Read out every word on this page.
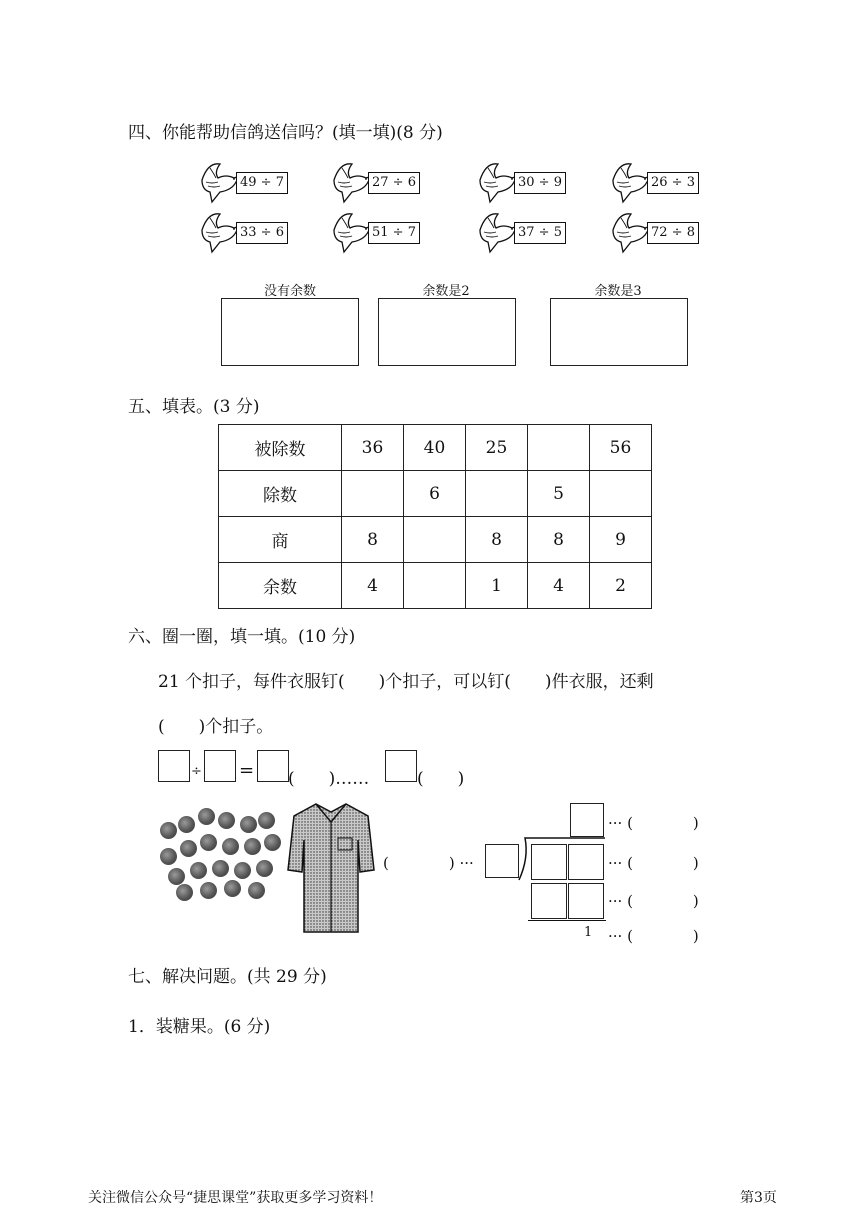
四、你能帮助信鸽送信吗？(填一填)(8 分)
49 ÷ 7	27 ÷ 6	30 ÷ 9	26 ÷ 3
33 ÷ 6	51 ÷ 7	37 ÷ 5	72 ÷ 8
没有余数	余数是2	余数是3
五、填表。(3 分)
被除数	36	40	25		56
除数		6		5	
商	8		8	8	9
余数	4		1	4	2
六、圈一圈，填一填。(10 分)
21 个扣子，每件衣服钉(　　)个扣子，可以钉(　　)件衣服，还剩
(　　)个扣子。
÷ = (　　)……	(　　)
··· (　　　　)
(　　　　) ···	··· (　　　　)
··· (　　　　)
1 ··· (　　　　)
七、解决问题。(共 29 分)
1．装糖果。(6 分)
关注微信公众号“捷思课堂”获取更多学习资料！	第3页
